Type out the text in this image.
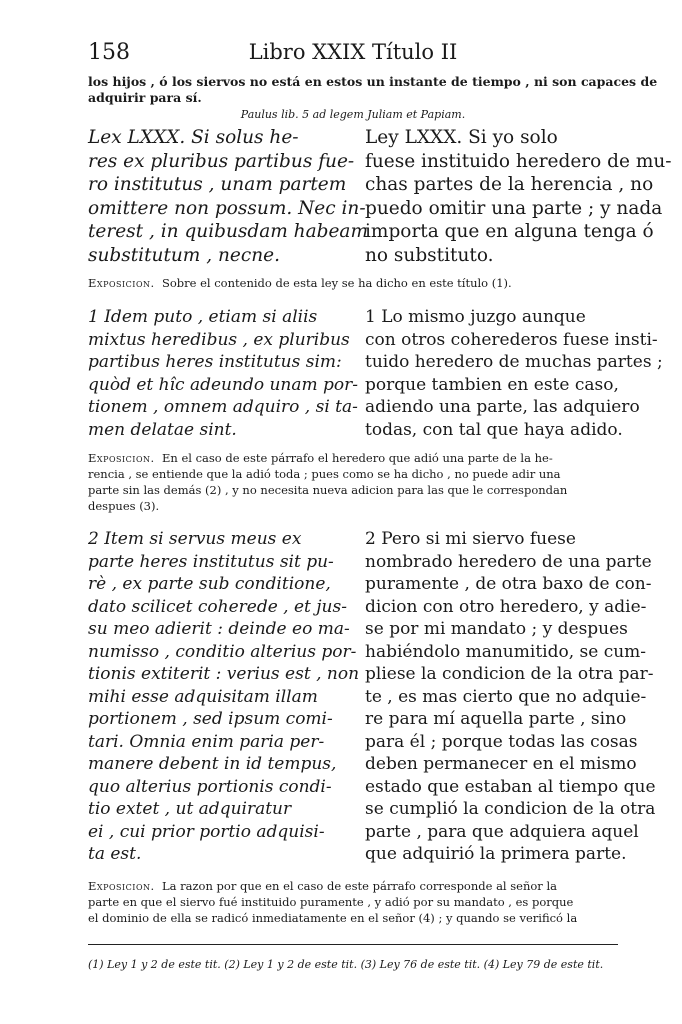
158	Libro XXIX Título II
los hijos , ó los siervos no está en estos un instante de tiempo , ni son capaces de
adquirir para sí.
Paulus lib. 5 ad legem Juliam et Papiam.
Lex LXXX. Si solus he-
res ex pluribus partibus fue-
ro institutus , unam partem
omittere non possum. Nec in-
terest , in quibusdam habeam
substitutum , necne.
Ley LXXX. Si yo solo
fuese instituido heredero de mu-
chas partes de la herencia , no
puedo omitir una parte ; y nada
importa que en alguna tenga ó
no substituto.
Exposicion. Sobre el contenido de esta ley se ha dicho en este título (1).
1 Idem puto , etiam si aliis
mixtus heredibus , ex pluribus
partibus heres institutus sim:
quòd et hîc adeundo unam por-
tionem , omnem adquiro , si ta-
men delatae sint.
1 Lo mismo juzgo aunque
con otros coherederos fuese insti-
tuido heredero de muchas partes ;
porque tambien en este caso,
adiendo una parte, las adquiero
todas, con tal que haya adido.
Exposicion. En el caso de este párrafo el heredero que adió una parte de la he-
rencia , se entiende que la adió toda ; pues como se ha dicho , no puede adir una
parte sin las demás (2) , y no necesita nueva adicion para las que le correspondan
despues (3).
2 Item si servus meus ex
parte heres institutus sit pu-
rè , ex parte sub conditione,
dato scilicet coherede , et jus-
su meo adierit : deinde eo ma-
numisso , conditio alterius por-
tionis extiterit : verius est , non
mihi esse adquisitam illam
portionem , sed ipsum comi-
tari. Omnia enim paria per-
manere debent in id tempus,
quo alterius portionis condi-
tio extet , ut adquiratur
ei , cui prior portio adquisi-
ta est.
2 Pero si mi siervo fuese
nombrado heredero de una parte
puramente , de otra baxo de con-
dicion con otro heredero, y adie-
se por mi mandato ; y despues
habiéndolo manumitido, se cum-
pliese la condicion de la otra par-
te , es mas cierto que no adquie-
re para mí aquella parte , sino
para él ; porque todas las cosas
deben permanecer en el mismo
estado que estaban al tiempo que
se cumplió la condicion de la otra
parte , para que adquiera aquel
que adquirió la primera parte.
Exposicion. La razon por que en el caso de este párrafo corresponde al señor la
parte en que el siervo fué instituido puramente , y adió por su mandato , es porque
el dominio de ella se radicó inmediatamente en el señor (4) ; y quando se verificó la
(1) Ley 1 y 2 de este tit. (2) Ley 1 y 2 de este tit. (3) Ley 76 de este tit. (4) Ley 79 de este tit.
